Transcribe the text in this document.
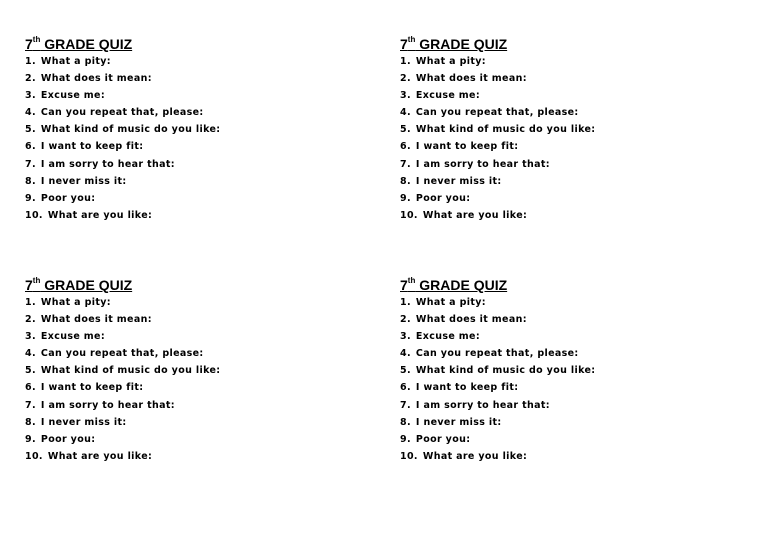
7th GRADE QUIZ
1. What a pity:
2. What does it mean:
3. Excuse me:
4. Can you repeat that, please:
5. What kind of music do you like:
6. I want to keep fit:
7. I am sorry to hear that:
8. I never miss it:
9. Poor you:
10. What are you like:
7th GRADE QUIZ
1. What a pity:
2. What does it mean:
3. Excuse me:
4. Can you repeat that, please:
5. What kind of music do you like:
6. I want to keep fit:
7. I am sorry to hear that:
8. I never miss it:
9. Poor you:
10. What are you like:
7th GRADE QUIZ
1. What a pity:
2. What does it mean:
3. Excuse me:
4. Can you repeat that, please:
5. What kind of music do you like:
6. I want to keep fit:
7. I am sorry to hear that:
8. I never miss it:
9. Poor you:
10. What are you like:
7th GRADE QUIZ
1. What a pity:
2. What does it mean:
3. Excuse me:
4. Can you repeat that, please:
5. What kind of music do you like:
6. I want to keep fit:
7. I am sorry to hear that:
8. I never miss it:
9. Poor you:
10. What are you like:
